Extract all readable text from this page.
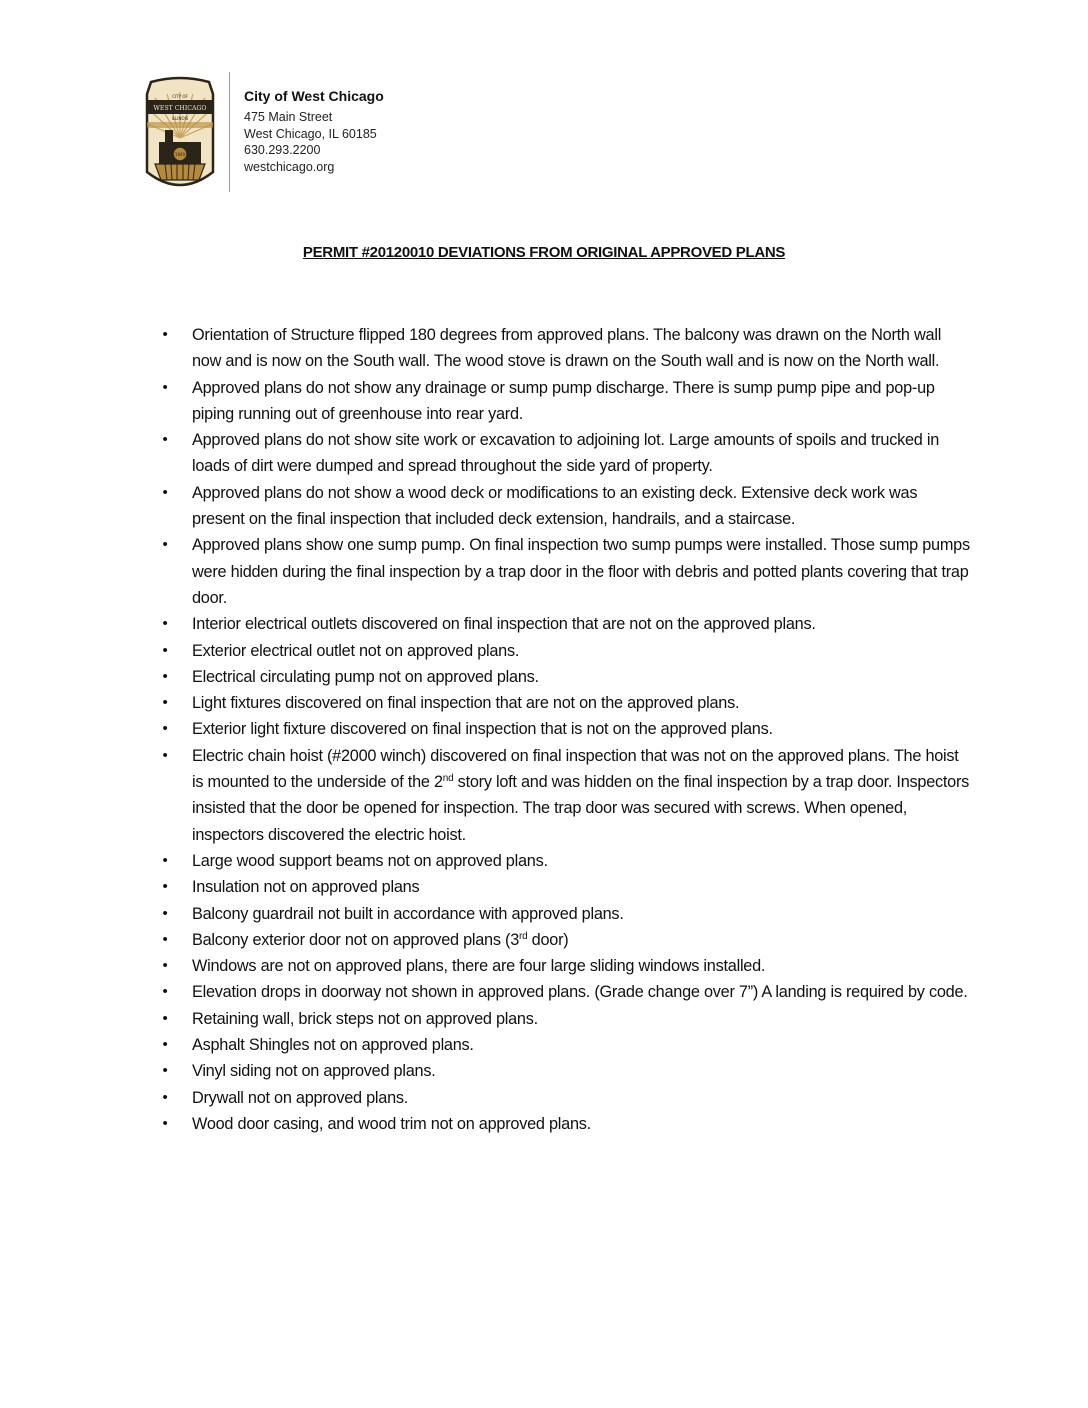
CITY OF
WEST CHICAGO
ILLINOIS
1849
City of West Chicago
475 Main Street
West Chicago, IL 60185
630.293.2200
westchicago.org
PERMIT #20120010 DEVIATIONS FROM ORIGINAL APPROVED PLANS
• Orientation of Structure flipped 180 degrees from approved plans. The balcony was drawn on the North wall now and is now on the South wall. The wood stove is drawn on the South wall and is now on the North wall.
• Approved plans do not show any drainage or sump pump discharge. There is sump pump pipe and pop-up piping running out of greenhouse into rear yard.
• Approved plans do not show site work or excavation to adjoining lot. Large amounts of spoils and trucked in loads of dirt were dumped and spread throughout the side yard of property.
• Approved plans do not show a wood deck or modifications to an existing deck. Extensive deck work was present on the final inspection that included deck extension, handrails, and a staircase.
• Approved plans show one sump pump. On final inspection two sump pumps were installed. Those sump pumps were hidden during the final inspection by a trap door in the floor with debris and potted plants covering that trap door.
• Interior electrical outlets discovered on final inspection that are not on the approved plans.
• Exterior electrical outlet not on approved plans.
• Electrical circulating pump not on approved plans.
• Light fixtures discovered on final inspection that are not on the approved plans.
• Exterior light fixture discovered on final inspection that is not on the approved plans.
• Electric chain hoist (#2000 winch) discovered on final inspection that was not on the approved plans. The hoist is mounted to the underside of the 2nd story loft and was hidden on the final inspection by a trap door. Inspectors insisted that the door be opened for inspection. The trap door was secured with screws. When opened, inspectors discovered the electric hoist.
• Large wood support beams not on approved plans.
• Insulation not on approved plans
• Balcony guardrail not built in accordance with approved plans.
• Balcony exterior door not on approved plans (3rd door)
• Windows are not on approved plans, there are four large sliding windows installed.
• Elevation drops in doorway not shown in approved plans. (Grade change over 7”) A landing is required by code.
• Retaining wall, brick steps not on approved plans.
• Asphalt Shingles not on approved plans.
• Vinyl siding not on approved plans.
• Drywall not on approved plans.
• Wood door casing, and wood trim not on approved plans.
